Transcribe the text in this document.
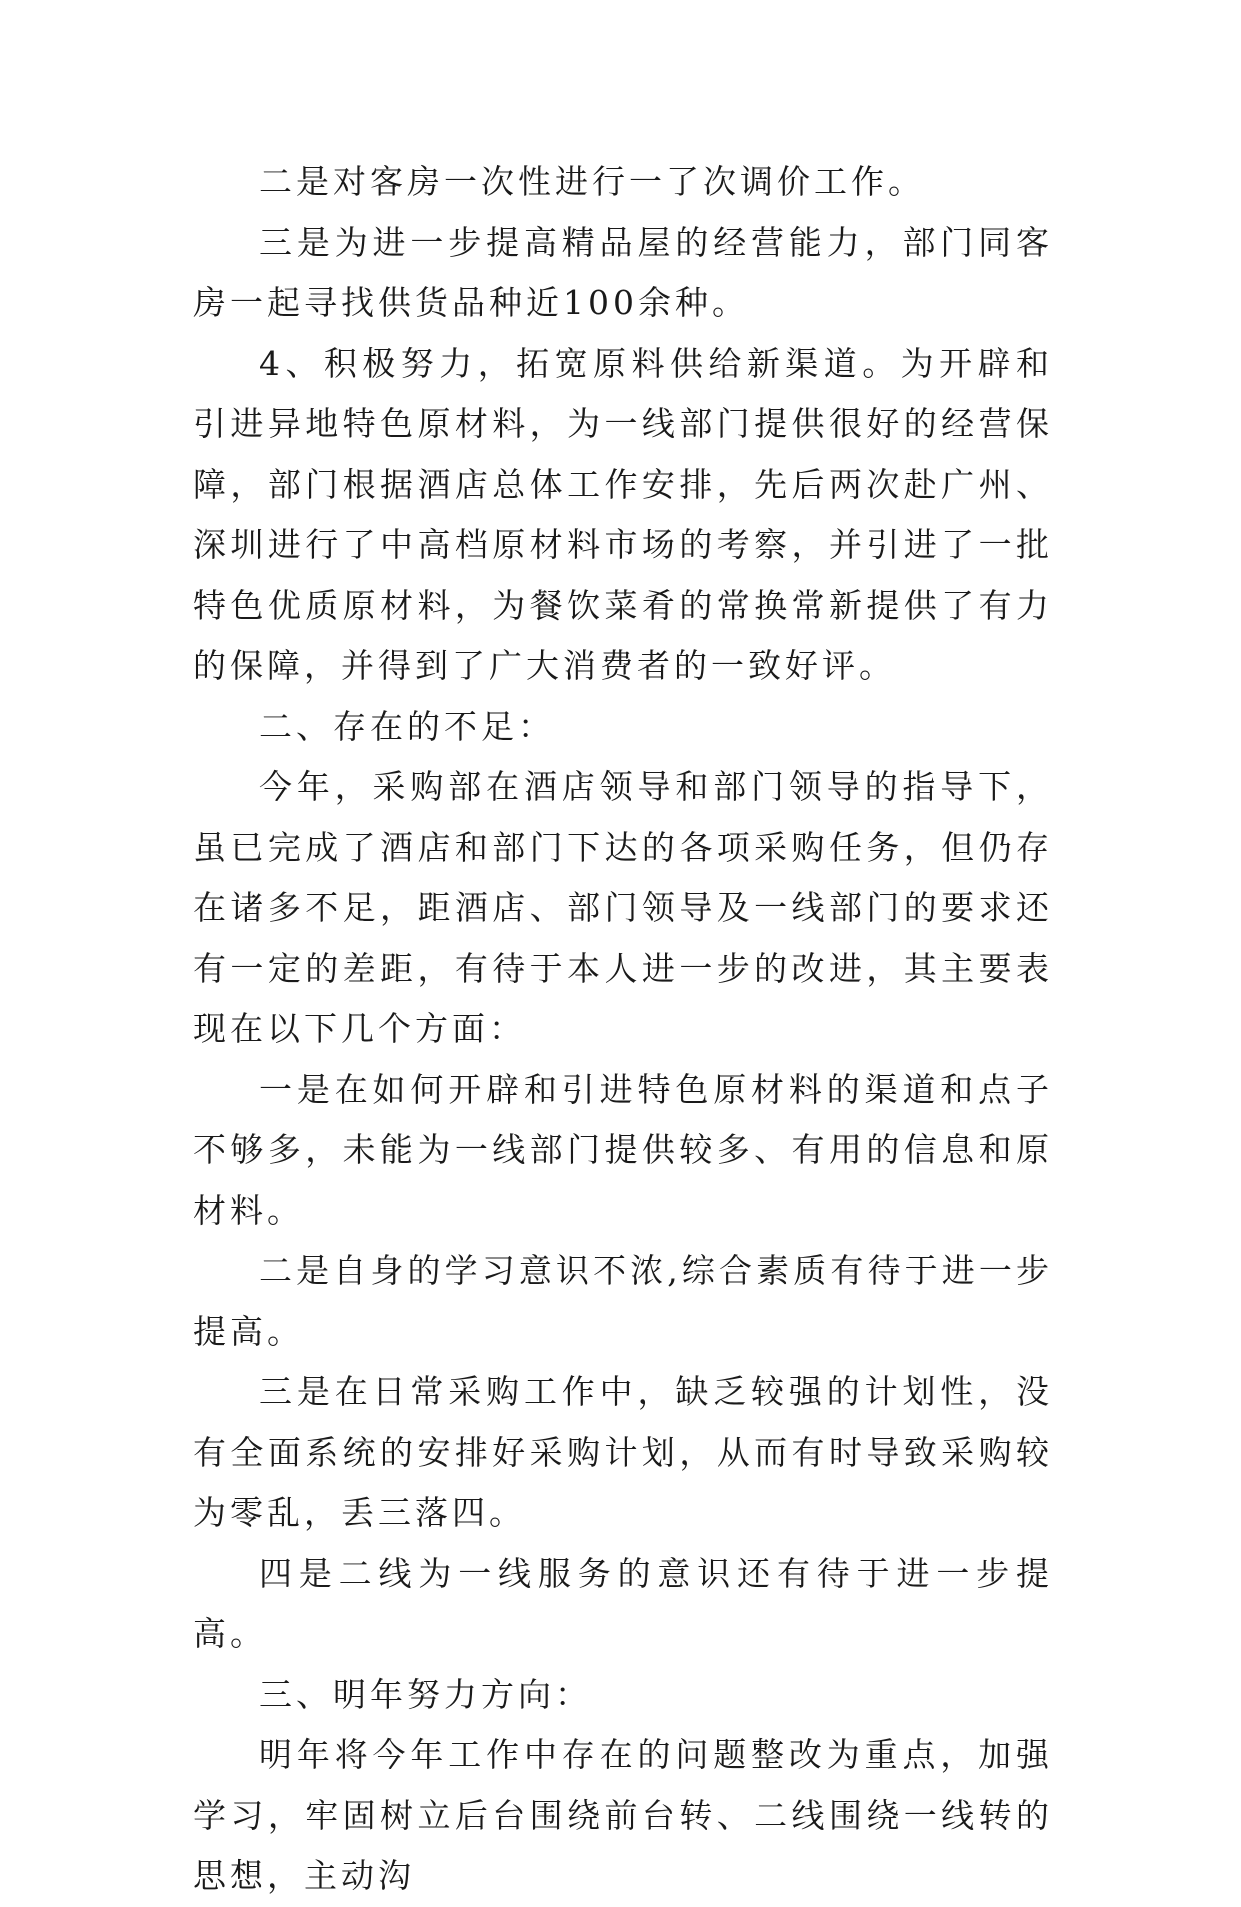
二是对客房一次性进行一了次调价工作。

三是为进一步提高精品屋的经营能力，部门同客房一起寻找供货品种近100余种。

4、积极努力，拓宽原料供给新渠道。为开辟和引进异地特色原材料，为一线部门提供很好的经营保障，部门根据酒店总体工作安排，先后两次赴广州、深圳进行了中高档原材料市场的考察，并引进了一批特色优质原材料，为餐饮菜肴的常换常新提供了有力的保障，并得到了广大消费者的一致好评。

二、存在的不足：

今年，采购部在酒店领导和部门领导的指导下，虽已完成了酒店和部门下达的各项采购任务，但仍存在诸多不足，距酒店、部门领导及一线部门的要求还有一定的差距，有待于本人进一步的改进，其主要表现在以下几个方面：

一是在如何开辟和引进特色原材料的渠道和点子不够多，未能为一线部门提供较多、有用的信息和原材料。

二是自身的学习意识不浓,综合素质有待于进一步提高。

三是在日常采购工作中，缺乏较强的计划性，没有全面系统的安排好采购计划，从而有时导致采购较为零乱，丢三落四。

四是二线为一线服务的意识还有待于进一步提高。

三、明年努力方向：

明年将今年工作中存在的问题整改为重点，加强学习，牢固树立后台围绕前台转、二线围绕一线转的思想，主动沟
